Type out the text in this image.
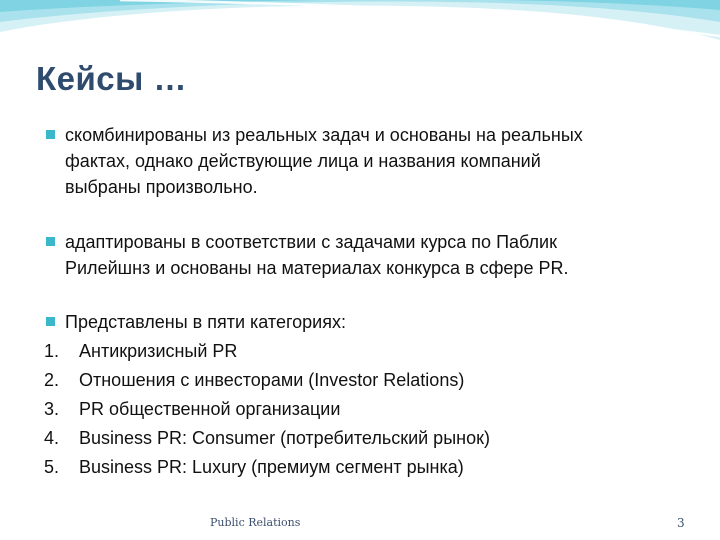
Кейсы …
скомбинированы из реальных задач и основаны на реальных
фактах, однако действующие лица и названия компаний
выбраны произвольно.
адаптированы в соответствии с задачами курса по Паблик
Рилейшнз и основаны на материалах конкурса в сфере PR.
Представлены в пяти категориях:
1.	Антикризисный PR
2.	Отношения с инвесторами (Investor Relations)
3.	PR общественной организации
4.	Business PR: Consumer (потребительский рынок)
5.	Business PR: Luxury (премиум сегмент рынка)
Public Relations	3
